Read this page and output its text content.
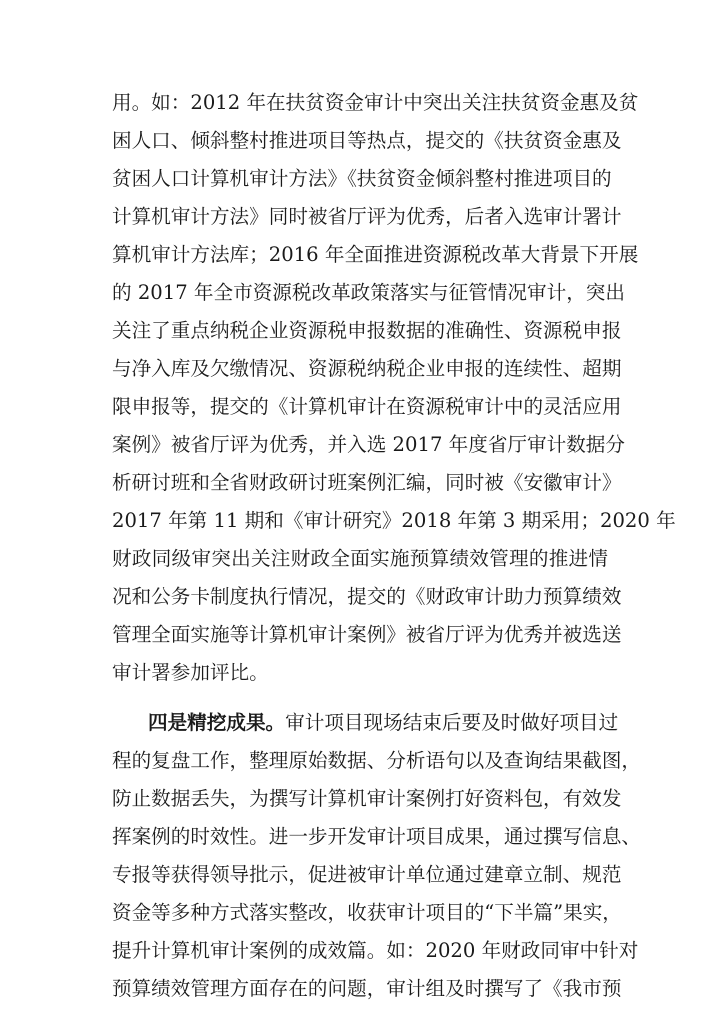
用。如：2012 年在扶贫资金审计中突出关注扶贫资金惠及贫
困人口、倾斜整村推进项目等热点，提交的《扶贫资金惠及
贫困人口计算机审计方法》《扶贫资金倾斜整村推进项目的
计算机审计方法》同时被省厅评为优秀，后者入选审计署计
算机审计方法库；2016 年全面推进资源税改革大背景下开展
的 2017 年全市资源税改革政策落实与征管情况审计，突出
关注了重点纳税企业资源税申报数据的准确性、资源税申报
与净入库及欠缴情况、资源税纳税企业申报的连续性、超期
限申报等，提交的《计算机审计在资源税审计中的灵活应用
案例》被省厅评为优秀，并入选 2017 年度省厅审计数据分
析研讨班和全省财政研讨班案例汇编，同时被《安徽审计》
2017 年第 11 期和《审计研究》2018 年第 3 期采用；2020 年
财政同级审突出关注财政全面实施预算绩效管理的推进情
况和公务卡制度执行情况，提交的《财政审计助力预算绩效
管理全面实施等计算机审计案例》被省厅评为优秀并被选送
审计署参加评比。
四是精挖成果。审计项目现场结束后要及时做好项目过
程的复盘工作，整理原始数据、分析语句以及查询结果截图，
防止数据丢失，为撰写计算机审计案例打好资料包，有效发
挥案例的时效性。进一步开发审计项目成果，通过撰写信息、
专报等获得领导批示，促进被审计单位通过建章立制、规范
资金等多种方式落实整改，收获审计项目的“下半篇”果实，
提升计算机审计案例的成效篇。如：2020 年财政同审中针对
预算绩效管理方面存在的问题，审计组及时撰写了《我市预
